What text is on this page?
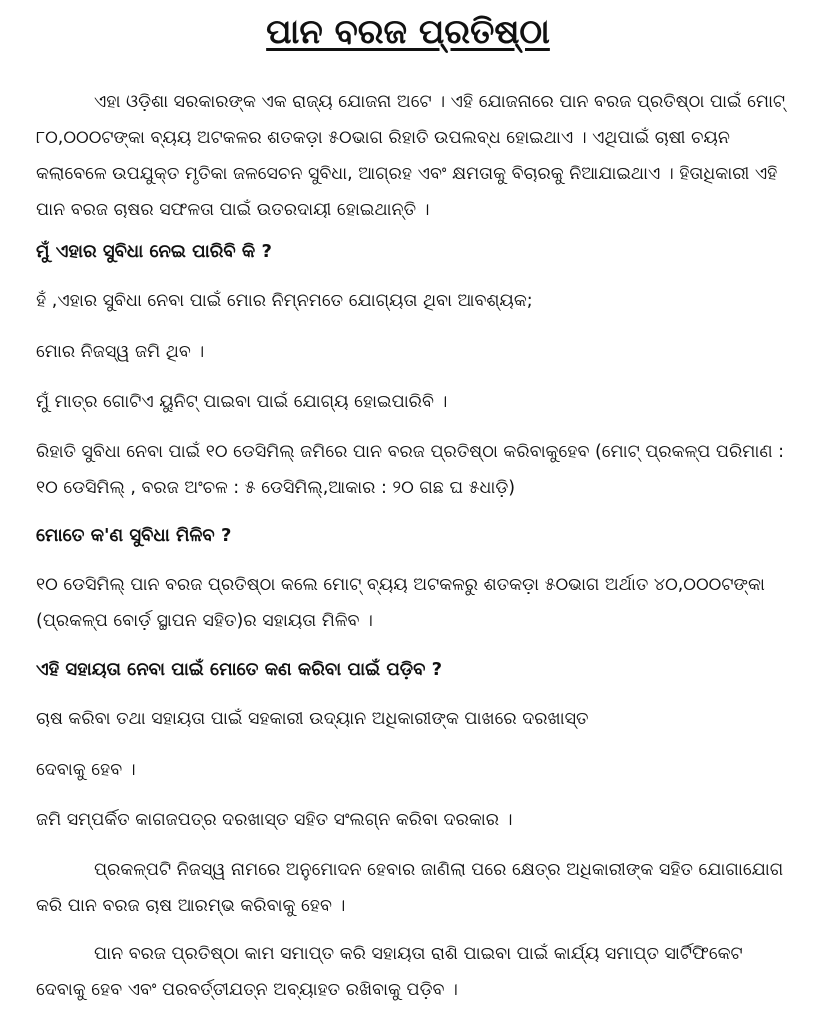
ପାନ ବରଜ ପ୍ରତିଷ୍ଠା

ଏହା ଓଡ଼ିଶା ସରକାରଙ୍କ ଏକ ରାଜ୍ୟ ଯୋଜନା ଅଟେ । ଏହି ଯୋଜନାରେ ପାନ ବରଜ ପ୍ରତିଷ୍ଠା ପାଇଁ ମୋଟ୍ ୮୦,୦୦୦ଟଙ୍କା ବ୍ୟୟ ଅଟକଳର ଶତକଡ଼ା ୫୦ଭାଗ ରିହାତି ଉପଲବ୍ଧ ହୋଇଥାଏ । ଏଥିପାଇଁ ଚାଷୀ ଚୟନ କଲାବେଳେ ଉପଯୁକ୍ତ ମୃତିକା ଜଳସେଚନ ସୁବିଧା, ଆଗ୍ରହ ଏବଂ କ୍ଷମତାକୁ ବିଚାରକୁ ନିଆଯାଇଥାଏ । ହିତାଧିକାରୀ ଏହି ପାନ ବରଜ ଚାଷର ସଫଳତା ପାଇଁ ଉତରଦାୟୀ ହୋଇଥାନ୍ତି ।

ମୁଁ ଏହାର ସୁବିଧା ନେଇ ପାରିବି କି ?

ହଁ ,ଏହାର ସୁବିଧା ନେବା ପାଇଁ ମୋର ନିମ୍ନମତେ ଯୋଗ୍ୟତା ଥିବା ଆବଶ୍ୟକ;

ମୋର ନିଜସ୍ୱ ଜମି ଥିବ ।

ମୁଁ ମାତ୍ର ଗୋଟିଏ ୟୁନିଟ୍ ପାଇବା ପାଇଁ ଯୋଗ୍ୟ ହୋଇପାରିବି ।

ରିହାତି ସୁବିଧା ନେବା ପାଇଁ ୧୦ ଡେସିମିଲ୍ ଜମିରେ ପାନ ବରଜ ପ୍ରତିଷ୍ଠା କରିବାକୁହେବ (ମୋଟ୍ ପ୍ରକଳ୍ପ ପରିମାଣ : ୧୦ ଡେସିମିଲ୍ , ବରଜ ଅଂଚଳ : ୫ ଡେସିମିଲ୍,ଆକାର : ୨୦ ଗଛ ଘ ୫ଧାଡ଼ି)

ମୋତେ କ'ଣ ସୁବିଧା ମିଳିବ ?

୧୦ ଡେସିମିଲ୍ ପାନ ବରଜ ପ୍ରତିଷ୍ଠା କଲେ ମୋଟ୍ ବ୍ୟୟ ଅଟକଳରୁ ଶତକଡ଼ା ୫୦ଭାଗ ଅର୍ଥାତ ୪୦,୦୦୦ଟଙ୍କା (ପ୍ରକଳ୍ପ ବୋର୍ଡ଼ ସ୍ଥାପନ ସହିତ)ର ସହାୟତା ମିଳିବ ।

ଏହି ସହାୟତା ନେବା ପାଇଁ ମୋତେ କଣ କରିବା ପାଇଁ ପଡ଼ିବ ?

ଚାଷ କରିବା ତଥା ସହାୟତା ପାଇଁ ସହକାରୀ ଉଦ୍ୟାନ ଅଧିକାରୀଙ୍କ ପାଖରେ ଦରଖାସ୍ତ

ଦେବାକୁ ହେବ ।

ଜମି ସମ୍ପର୍କିତ କାଗଜପତ୍ର ଦରଖାସ୍ତ ସହିତ ସଂଲଗ୍ନ କରିବା ଦରକାର ।

ପ୍ରକଳ୍ପଟି ନିଜସ୍ୱ ନାମରେ ଅନୁମୋଦନ ହେବାର ଜାଣିଲା ପରେ କ୍ଷେତ୍ର ଅଧିକାରୀଙ୍କ ସହିତ ଯୋଗାଯୋଗ କରି ପାନ ବରଜ ଚାଷ ଆରମ୍ଭ କରିବାକୁ ହେବ ।

ପାନ ବରଜ ପ୍ରତିଷ୍ଠା କାମ ସମାପ୍ତ କରି ସହାୟତା ରାଶି ପାଇବା ପାଇଁ କାର୍ଯ୍ୟ ସମାପ୍ତ ସାର୍ଟିଫିକେଟ ଦେବାକୁ ହେବ ଏବଂ ପରବର୍ତ୍ତୀଯତ୍ନ ଅବ୍ୟାହତ ରଖିବାକୁ ପଡ଼ିବ ।
